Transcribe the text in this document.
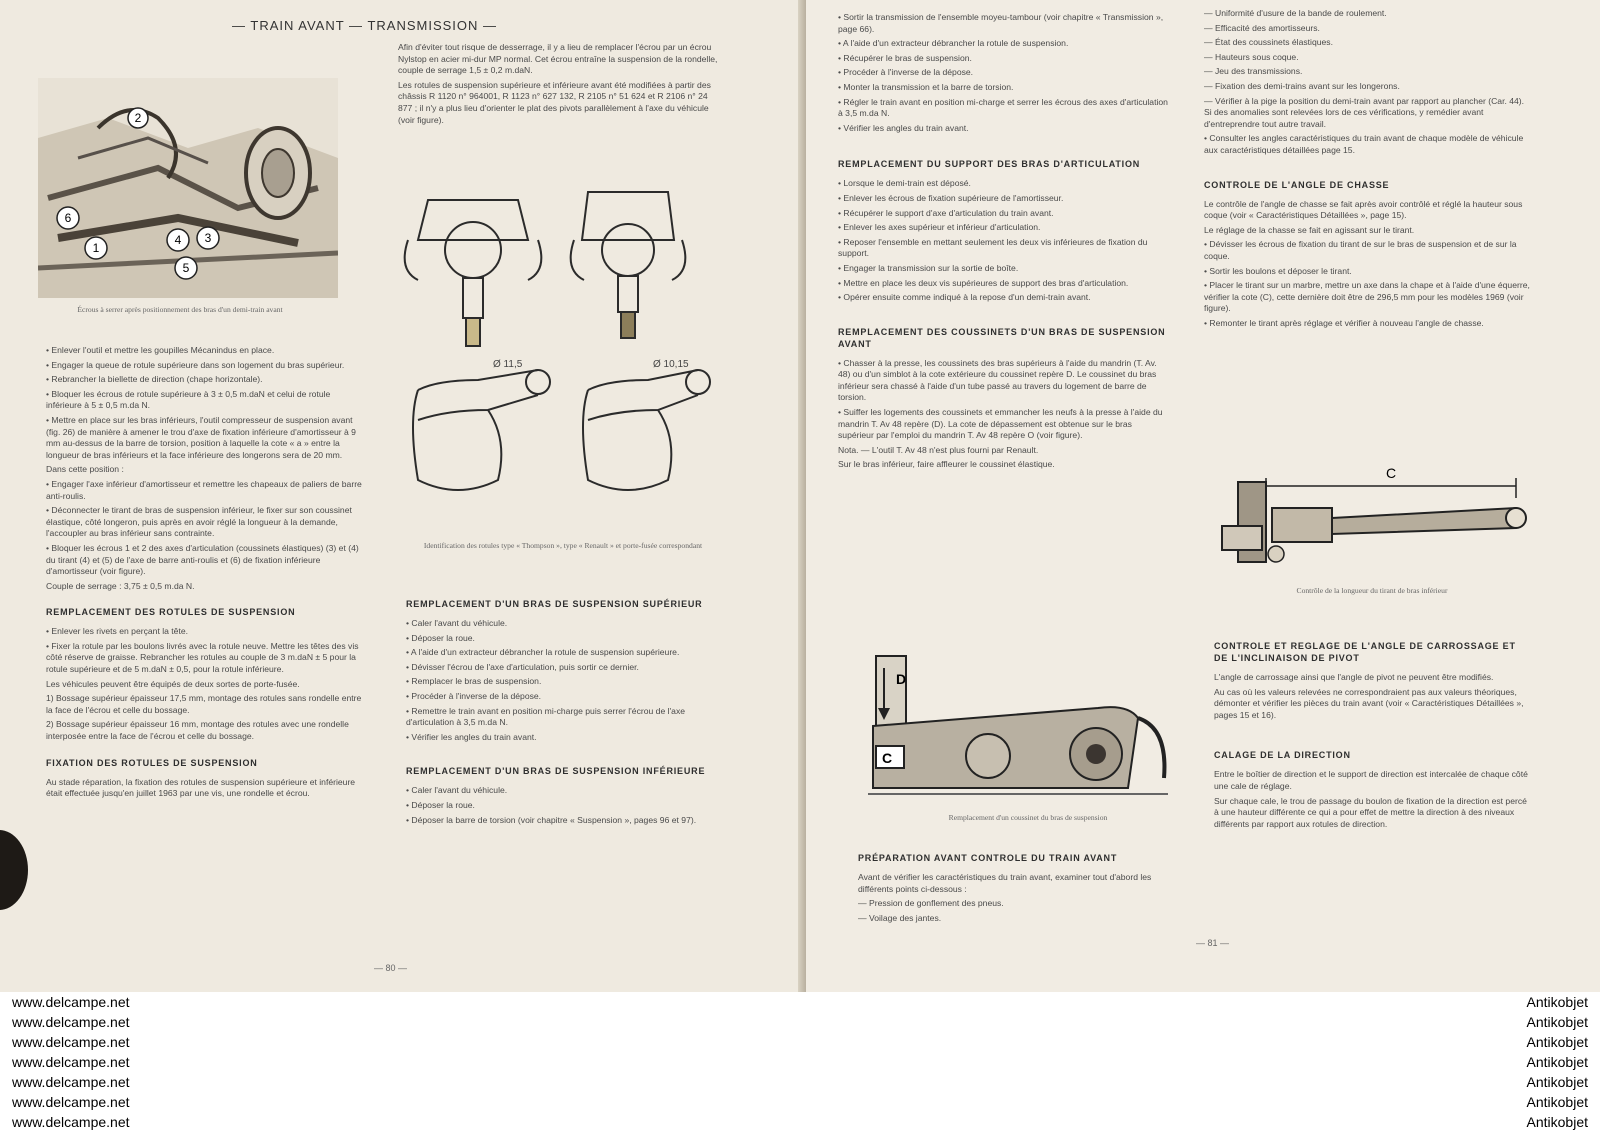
— TRAIN AVANT — TRANSMISSION —
2
6
1
4 3
5
Écrous à serrer après positionnement des bras d'un demi-train avant

• Enlever l'outil et mettre les goupilles Mécanindus en place.

• Engager la queue de rotule supérieure dans son logement du bras supérieur.

• Rebrancher la biellette de direction (chape horizontale).

• Bloquer les écrous de rotule supérieure à 3 ± 0,5 m.daN et celui de rotule inférieure à 5 ± 0,5 m.da N.

• Mettre en place sur les bras inférieurs, l'outil compresseur de suspension avant (fig. 26) de manière à amener le trou d'axe de fixation inférieure d'amortisseur à 9 mm au-dessus de la barre de torsion, position à laquelle la cote « a » entre la longueur de bras inférieurs et la face inférieure des longerons sera de 20 mm.

Dans cette position :

• Engager l'axe inférieur d'amortisseur et remettre les chapeaux de paliers de barre anti-roulis.

• Déconnecter le tirant de bras de suspension inférieur, le fixer sur son coussinet élastique, côté longeron, puis après en avoir réglé la longueur à la demande, l'accoupler au bras inférieur sans contrainte.

• Bloquer les écrous 1 et 2 des axes d'articulation (coussinets élastiques) (3) et (4) du tirant (4) et (5) de l'axe de barre anti-roulis et (6) de fixation inférieure d'amortisseur (voir figure).

Couple de serrage : 3,75 ± 0,5 m.da N.

REMPLACEMENT DES ROTULES DE SUSPENSION

• Enlever les rivets en perçant la tête.

• Fixer la rotule par les boulons livrés avec la rotule neuve. Mettre les têtes des vis côté réserve de graisse. Rebrancher les rotules au couple de 3 m.daN ± 5 pour la rotule supérieure et de 5 m.daN ± 0,5, pour la rotule inférieure.

Les véhicules peuvent être équipés de deux sortes de porte-fusée.

1) Bossage supérieur épaisseur 17,5 mm, montage des rotules sans rondelle entre la face de l'écrou et celle du bossage.

2) Bossage supérieur épaisseur 16 mm, montage des rotules avec une rondelle interposée entre la face de l'écrou et celle du bossage.

FIXATION DES ROTULES DE SUSPENSION

Au stade réparation, la fixation des rotules de suspension supérieure et inférieure était effectuée jusqu'en juillet 1963 par une vis, une rondelle et écrou.

Afin d'éviter tout risque de desserrage, il y a lieu de remplacer l'écrou par un écrou Nylstop en acier mi-dur MP normal. Cet écrou entraîne la suspension de la rondelle, couple de serrage 1,5 ± 0,2 m.daN.

Les rotules de suspension supérieure et inférieure avant été modifiées à partir des châssis R 1120 n° 964001, R 1123 n° 627 132, R 2105 n° 51 624 et R 2106 n° 24 877 ; il n'y a plus lieu d'orienter le plat des pivots parallèlement à l'axe du véhicule (voir figure).

Ø 11,5	Ø 10,15
Identification des rotules type « Thompson », type « Renault » et porte-fusée correspondant
REMPLACEMENT D'UN BRAS DE SUSPENSION SUPÉRIEUR

• Caler l'avant du véhicule.

• Déposer la roue.

• A l'aide d'un extracteur débrancher la rotule de suspension supérieure.

• Dévisser l'écrou de l'axe d'articulation, puis sortir ce dernier.

• Remplacer le bras de suspension.

• Procéder à l'inverse de la dépose.

• Remettre le train avant en position mi-charge puis serrer l'écrou de l'axe d'articulation à 3,5 m.da N.

• Vérifier les angles du train avant.

REMPLACEMENT D'UN BRAS DE SUSPENSION INFÉRIEURE

• Caler l'avant du véhicule.

• Déposer la roue.

• Déposer la barre de torsion (voir chapitre « Suspension », pages 96 et 97).

— 80 —

• Sortir la transmission de l'ensemble moyeu-tambour (voir chapitre « Transmission », page 66).

• A l'aide d'un extracteur débrancher la rotule de suspension.

• Récupérer le bras de suspension.

• Procéder à l'inverse de la dépose.

• Monter la transmission et la barre de torsion.

• Régler le train avant en position mi-charge et serrer les écrous des axes d'articulation à 3,5 m.da N.

• Vérifier les angles du train avant.

REMPLACEMENT DU SUPPORT DES BRAS D'ARTICULATION

• Lorsque le demi-train est déposé.

• Enlever les écrous de fixation supérieure de l'amortisseur.

• Récupérer le support d'axe d'articulation du train avant.

• Enlever les axes supérieur et inférieur d'articulation.

• Reposer l'ensemble en mettant seulement les deux vis inférieures de fixation du support.

• Engager la transmission sur la sortie de boîte.

• Mettre en place les deux vis supérieures de support des bras d'articulation.

• Opérer ensuite comme indiqué à la repose d'un demi-train avant.

REMPLACEMENT DES COUSSINETS D'UN BRAS DE SUSPENSION AVANT

• Chasser à la presse, les coussinets des bras supérieurs à l'aide du mandrin (T. Av. 48) ou d'un simblot à la cote extérieure du coussinet repère D. Le coussinet du bras inférieur sera chassé à l'aide d'un tube passé au travers du logement de barre de torsion.

• Suiffer les logements des coussinets et emmancher les neufs à la presse à l'aide du mandrin T. Av 48 repère (D). La cote de dépassement est obtenue sur le bras supérieur par l'emploi du mandrin T. Av 48 repère O (voir figure).

Nota. — L'outil T. Av 48 n'est plus fourni par Renault.

Sur le bras inférieur, faire affleurer le coussinet élastique.

D
C
Remplacement d'un coussinet du bras de suspension
PRÉPARATION AVANT CONTROLE DU TRAIN AVANT

Avant de vérifier les caractéristiques du train avant, examiner tout d'abord les différents points ci-dessous :

— Pression de gonflement des pneus.

— Voilage des jantes.

— Uniformité d'usure de la bande de roulement.

— Efficacité des amortisseurs.

— État des coussinets élastiques.

— Hauteurs sous coque.

— Jeu des transmissions.

— Fixation des demi-trains avant sur les longerons.

— Vérifier à la pige la position du demi-train avant par rapport au plancher (Car. 44). Si des anomalies sont relevées lors de ces vérifications, y remédier avant d'entreprendre tout autre travail.

• Consulter les angles caractéristiques du train avant de chaque modèle de véhicule aux caractéristiques détaillées page 15.

CONTROLE DE L'ANGLE DE CHASSE

Le contrôle de l'angle de chasse se fait après avoir contrôlé et réglé la hauteur sous coque (voir « Caractéristiques Détaillées », page 15).

Le réglage de la chasse se fait en agissant sur le tirant.

• Dévisser les écrous de fixation du tirant de sur le bras de suspension et de sur la coque.

• Sortir les boulons et déposer le tirant.

• Placer le tirant sur un marbre, mettre un axe dans la chape et à l'aide d'une équerre, vérifier la cote (C), cette dernière doit être de 296,5 mm pour les modèles 1969 (voir figure).

• Remonter le tirant après réglage et vérifier à nouveau l'angle de chasse.

C
Contrôle de la longueur du tirant de bras inférieur
CONTROLE ET REGLAGE DE L'ANGLE DE CARROSSAGE ET DE L'INCLINAISON DE PIVOT

L'angle de carrossage ainsi que l'angle de pivot ne peuvent être modifiés.

Au cas où les valeurs relevées ne correspondraient pas aux valeurs théoriques, démonter et vérifier les pièces du train avant (voir « Caractéristiques Détaillées », pages 15 et 16).

CALAGE DE LA DIRECTION

Entre le boîtier de direction et le support de direction est intercalée de chaque côté une cale de réglage.

Sur chaque cale, le trou de passage du boulon de fixation de la direction est percé à une hauteur différente ce qui a pour effet de mettre la direction à des niveaux différents par rapport aux rotules de direction.

— 81 —
www.delcampe.net
www.delcampe.net
www.delcampe.net
www.delcampe.net
www.delcampe.net
www.delcampe.net
www.delcampe.net
Antikobjet
Antikobjet
Antikobjet
Antikobjet
Antikobjet
Antikobjet
Antikobjet
